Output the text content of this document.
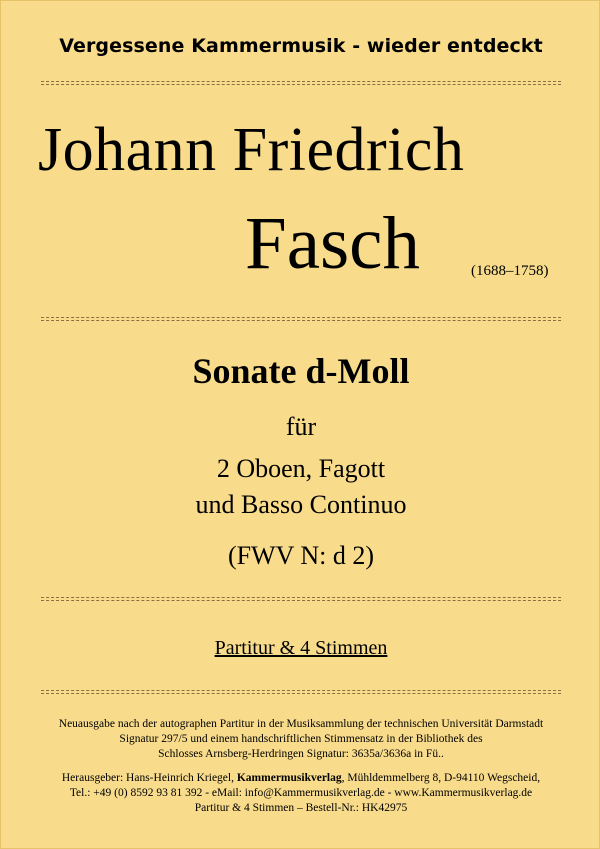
Vergessene Kammermusik - wieder entdeckt
Johann Friedrich
Fasch	(1688–1758)
Sonate d-Moll
für
2 Oboen, Fagott
und Basso Continuo
(FWV N: d 2)
Partitur & 4 Stimmen

Neuausgabe nach der autographen Partitur in der Musiksammlung der technischen Universität Darmstadt

Signatur 297/5 und einem handschriftlichen Stimmensatz in der Bibliothek des

Schlosses Arnsberg-Herdringen Signatur: 3635a/3636a in Fü..

Herausgeber: Hans-Heinrich Kriegel, Kammermusikverlag, Mühldemmelberg 8, D-94110 Wegscheid,

Tel.: +49 (0) 8592 93 81 392 - eMail: info@Kammermusikverlag.de - www.Kammermusikverlag.de

Partitur & 4 Stimmen – Bestell-Nr.: HK42975
